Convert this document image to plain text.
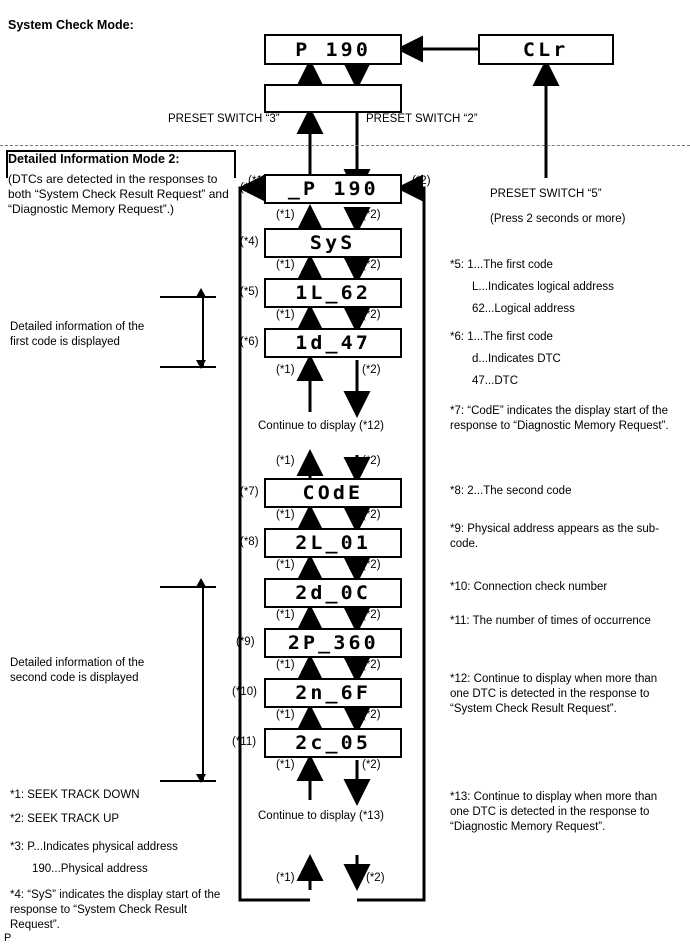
System Check Mode:
P 190	CLr
PRESET SWITCH “3”	PRESET SWITCH “2”
Detailed Information Mode 2:
(DTCs are detected in the responses to both “System Check Result Request” and “Diagnostic Memory Request”.)
_P 190
SyS
1L_62
1d_47
COdE
2L_01
2d_0C
2P_360
2n_6F
2c_05
(*3)
(*4)
(*5)
(*6)
(*7)
(*8)
(*9)
(*10)
(*11)
(*1)	(*2)
(*1)	(*2)
(*1)	(*2)
(*1)	(*2)
(*1)	(*2)
(*1)	(*2)
(*1)	(*2)
(*1)	(*2)
(*1)	(*2)
(*1)	(*2)
(*1)	(*2)
(*1)	(*2)
(*1)	(*2)
Continue to display (*12)
Continue to display (*13)
PRESET SWITCH “5”
(Press 2 seconds or more)
Detailed information of the first code is displayed
Detailed information of the second code is displayed
*1: SEEK TRACK DOWN
*2: SEEK TRACK UP
*3: P...Indicates physical address
190...Physical address
*4: “SyS” indicates the display start of the response to “System Check Result Request”.
*5: 1...The first code
L...Indicates logical address
62...Logical address
*6: 1...The first code
d...Indicates DTC
47...DTC
*7: “CodE” indicates the display start of the response to “Diagnostic Memory Request”.
*8: 2...The second code
*9: Physical address appears as the sub-code.
*10: Connection check number
*11: The number of times of occurrence
*12: Continue to display when more than one DTC is detected in the response to “System Check Result Request”.
*13: Continue to display when more than one DTC is detected in the response to “Diagnostic Memory Request”.
P
